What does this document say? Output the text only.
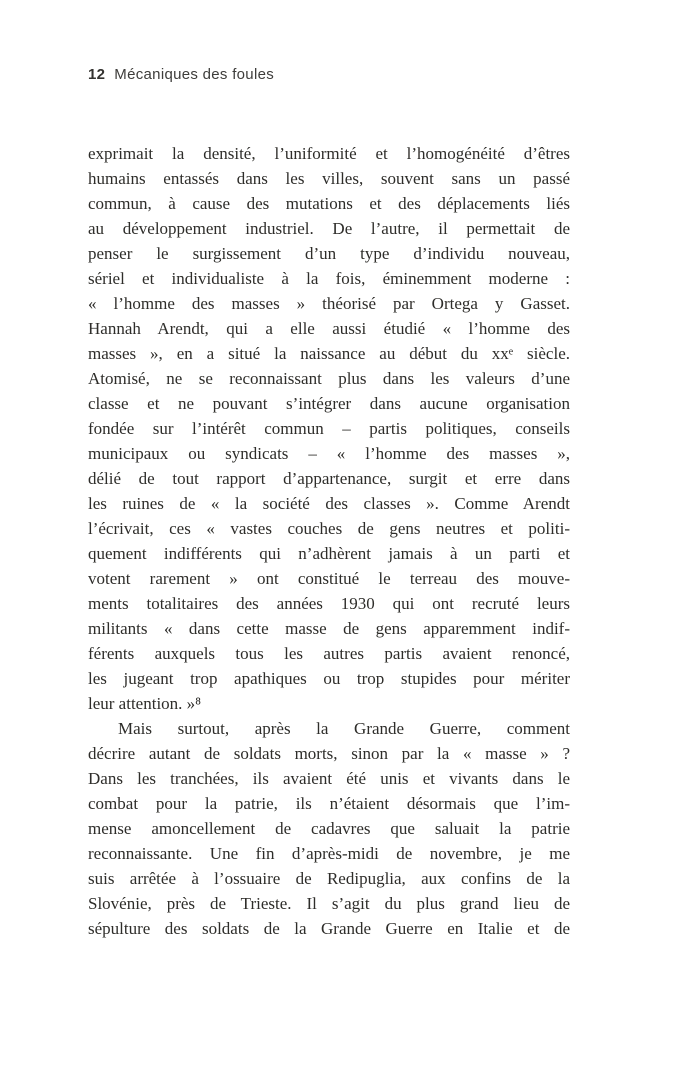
12 Mécaniques des foules
exprimait la densité, l’uniformité et l’homogénéité d’êtres
humains entassés dans les villes, souvent sans un passé
commun, à cause des mutations et des déplacements liés
au développement industriel. De l’autre, il permettait de
penser le surgissement d’un type d’individu nouveau,
sériel et individualiste à la fois, éminemment moderne :
« l’homme des masses » théorisé par Ortega y Gasset.
Hannah Arendt, qui a elle aussi étudié « l’homme des
masses », en a situé la naissance au début du xxᵉ siècle.
Atomisé, ne se reconnaissant plus dans les valeurs d’une
classe et ne pouvant s’intégrer dans aucune organisation
fondée sur l’intérêt commun – partis politiques, conseils
municipaux ou syndicats – « l’homme des masses »,
délié de tout rapport d’appartenance, surgit et erre dans
les ruines de « la société des classes ». Comme Arendt
l’écrivait, ces « vastes couches de gens neutres et politi-
quement indifférents qui n’adhèrent jamais à un parti et
votent rarement » ont constitué le terreau des mouve-
ments totalitaires des années 1930 qui ont recruté leurs
militants « dans cette masse de gens apparemment indif-
férents auxquels tous les autres partis avaient renoncé,
les jugeant trop apathiques ou trop stupides pour mériter
leur attention. »⁸
Mais surtout, après la Grande Guerre, comment
décrire autant de soldats morts, sinon par la « masse » ?
Dans les tranchées, ils avaient été unis et vivants dans le
combat pour la patrie, ils n’étaient désormais que l’im-
mense amoncellement de cadavres que saluait la patrie
reconnaissante. Une fin d’après-midi de novembre, je me
suis arrêtée à l’ossuaire de Redipuglia, aux confins de la
Slovénie, près de Trieste. Il s’agit du plus grand lieu de
sépulture des soldats de la Grande Guerre en Italie et de
